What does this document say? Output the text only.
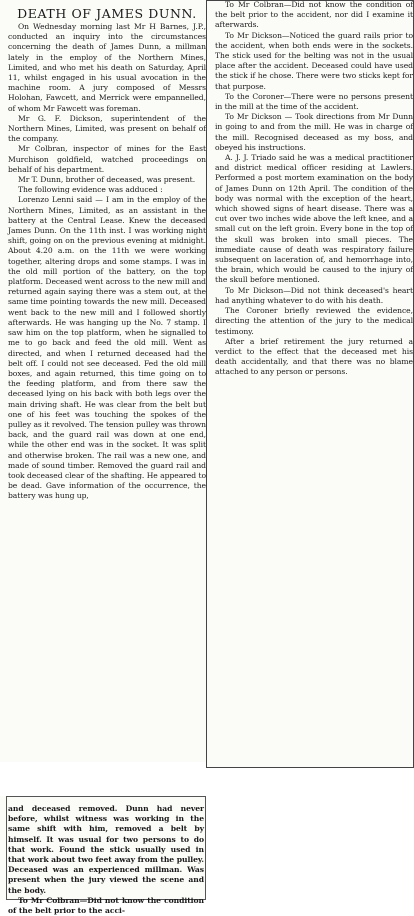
DEATH OF JAMES DUNN.

On Wednesday morning last Mr H Barnes, J.P., conducted an inquiry into the circumstances concerning the death of James Dunn, a millman lately in the employ of the Northern Mines, Limited, and who met his death on Saturday, April 11, whilst engaged in his usual avocation in the machine room. A jury composed of Messrs Holohan, Fawcett, and Merrick were empannelled, of whom Mr Fawcett was foreman.

Mr G. F. Dickson, superintendent of the Northern Mines, Limited, was present on behalf of the company.

Mr Colbran, inspector of mines for the East Murchison goldfield, watched proceedings on behalf of his department.

Mr T. Dunn, brother of deceased, was present.

The following evidence was adduced :

Lorenzo Lenni said — I am in the employ of the Northern Mines, Limited, as an assistant in the battery at the Central Lease. Knew the deceased James Dunn. On the 11th inst. I was working night shift, going on on the previous evening at midnight. About 4.20 a.m. on the 11th we were working together, altering drops and some stamps. I was in the old mill portion of the battery, on the top platform. Deceased went across to the new mill and returned again saying there was a stem out, at the same time pointing towards the new mill. Deceased went back to the new mill and I followed shortly afterwards. He was hanging up the No. 7 stamp. I saw him on the top platform, when he signalled to me to go back and feed the old mill. Went as directed, and when I returned deceased had the belt off. I could not see deceased. Fed the old mill boxes, and again returned, this time going on to the feeding platform, and from there saw the deceased lying on his back with both legs over the main driving shaft. He was clear from the belt but one of his feet was touching the spokes of the pulley as it revolved. The tension pulley was thrown back, and the guard rail was down at one end, while the other end was in the socket. It was split and otherwise broken. The rail was a new one, and made of sound timber. Removed the guard rail and took deceased clear of the shafting. He appeared to be dead. Gave information of the occurrence, the battery was hung up,

and deceased removed. Dunn had never before, whilst witness was working in the same shift with him, removed a belt by himself. It was usual for two persons to do that work. Found the stick usually used in that work about two feet away from the pulley. Deceased was an experienced millman. Was present when the jury viewed the scene and the body.

To Mr Colbran—Did not know the condition of the belt prior to the acci-

To Mr Colbran—Did not know the condition of the belt prior to the accident, nor did I examine it afterwards.

To Mr Dickson—Noticed the guard rails prior to the accident, when both ends were in the sockets. The stick used for the belting was not in the usual place after the accident. Deceased could have used the stick if he chose. There were two sticks kept for that purpose.

To the Coroner—There were no persons present in the mill at the time of the accident.

To Mr Dickson — Took directions from Mr Dunn in going to and from the mill. He was in charge of the mill. Recognised deceased as my boss, and obeyed his instructions.

A. J. J. Triado said he was a medical practitioner and district medical officer residing at Lawlers. Performed a post mortem examination on the body of James Dunn on 12th April. The condition of the body was normal with the exception of the heart, which showed signs of heart disease. There was a cut over two inches wide above the left knee, and a small cut on the left groin. Every bone in the top of the skull was broken into small pieces. The immediate cause of death was respiratory failure subsequent on laceration of, and hemorrhage into, the brain, which would be caused to the injury of the skull before mentioned.

To Mr Dickson—Did not think deceased's heart had anything whatever to do with his death.

The Coroner briefly reviewed the evidence, directing the attention of the jury to the medical testimony.

After a brief retirement the jury returned a verdict to the effect that the deceased met his death accidentally, and that there was no blame attached to any person or persons.
